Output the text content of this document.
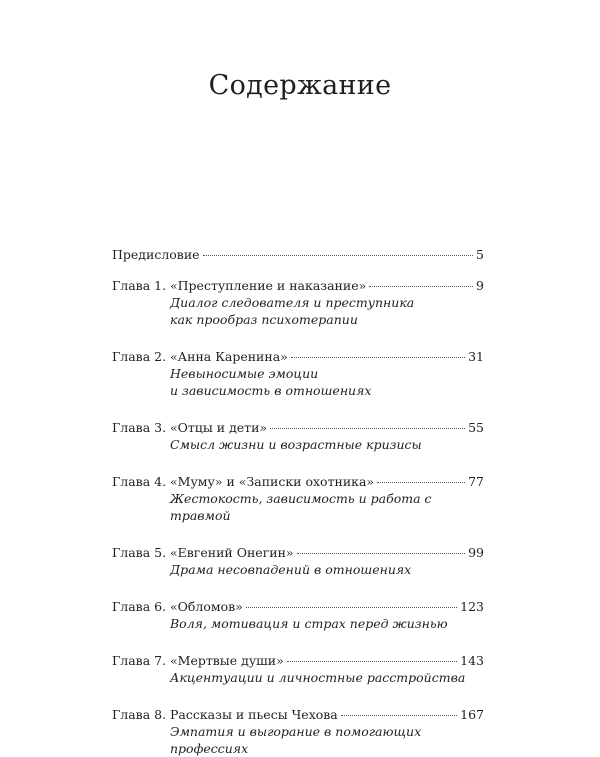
Содержание
Предисловие	5
Глава 1. «Преступление и наказание»	9
Диалог следователя и преступника
как прообраз психотерапии
Глава 2. «Анна Каренина»	31
Невыносимые эмоции
и зависимость в отношениях
Глава 3. «Отцы и дети»	55
Смысл жизни и возрастные кризисы
Глава 4. «Муму» и «Записки охотника»	77
Жестокость, зависимость и работа с травмой
Глава 5. «Евгений Онегин»	99
Драма несовпадений в отношениях
Глава 6. «Обломов»	123
Воля, мотивация и страх перед жизнью
Глава 7. «Мертвые души»	143
Акцентуации и личностные расстройства
Глава 8. Рассказы и пьесы Чехова	167
Эмпатия и выгорание в помогающих профессиях
